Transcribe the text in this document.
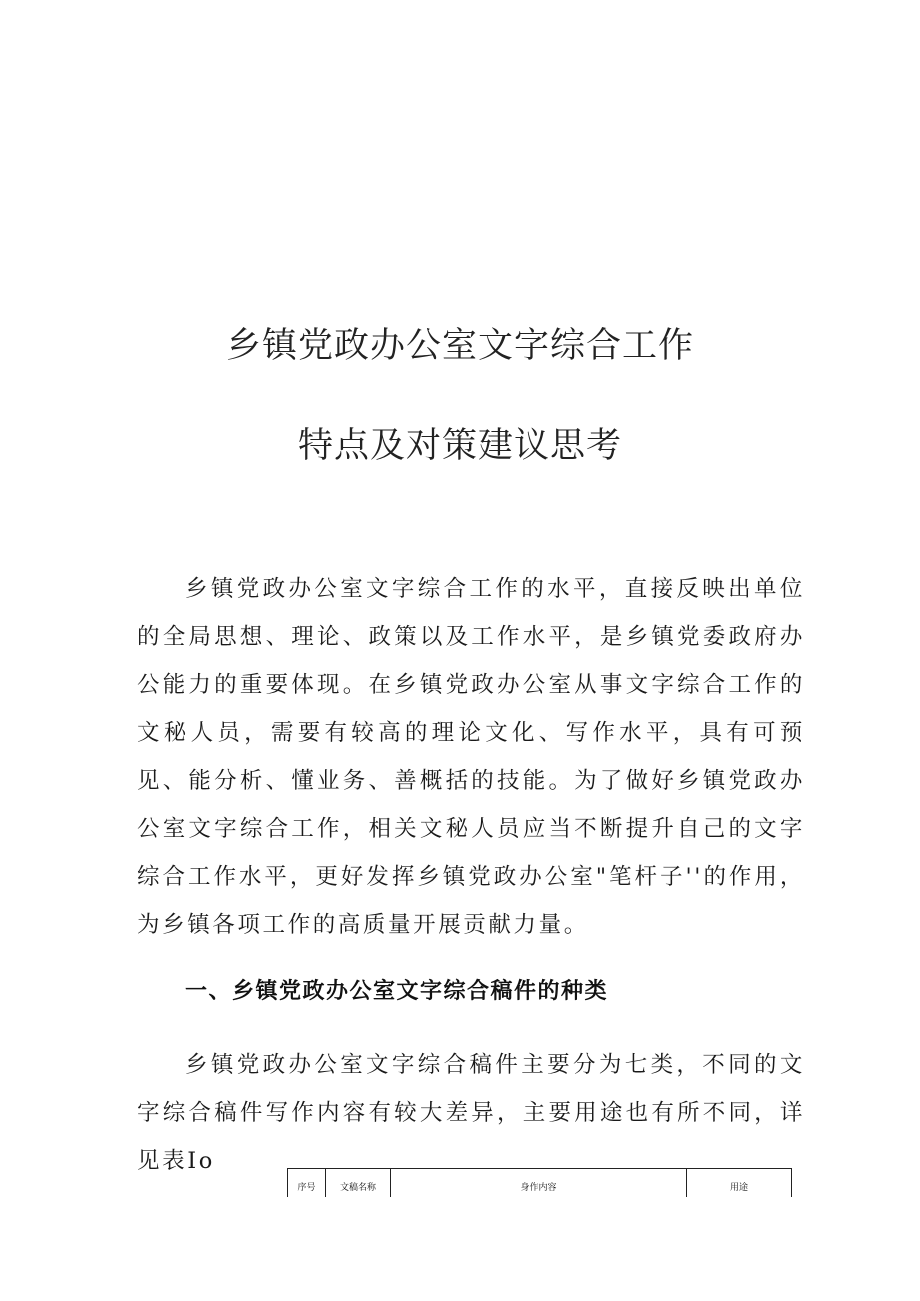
乡镇党政办公室文字综合工作
特点及对策建议思考

乡镇党政办公室文字综合工作的水平，直接反映出单位的全局思想、理论、政策以及工作水平，是乡镇党委政府办公能力的重要体现。在乡镇党政办公室从事文字综合工作的文秘人员，需要有较高的理论文化、写作水平，具有可预见、能分析、懂业务、善概括的技能。为了做好乡镇党政办公室文字综合工作，相关文秘人员应当不断提升自己的文字综合工作水平，更好发挥乡镇党政办公室"笔杆子''的作用，为乡镇各项工作的高质量开展贡献力量。

一、乡镇党政办公室文字综合稿件的种类

乡镇党政办公室文字综合稿件主要分为七类，不同的文字综合稿件写作内容有较大差异，主要用途也有所不同，详见表Io

序号	文稿名称	身作内容	用途
